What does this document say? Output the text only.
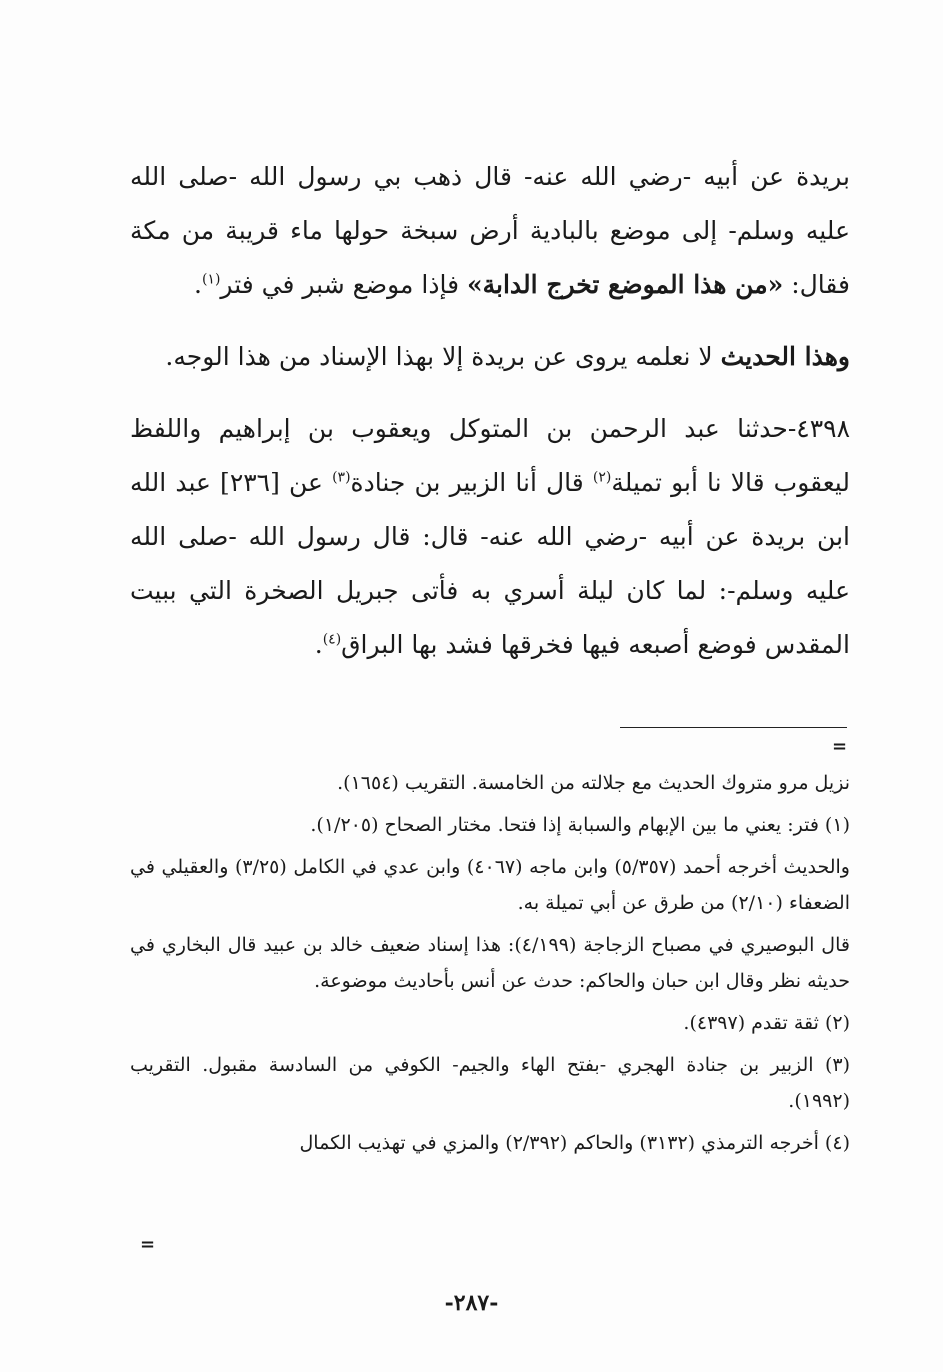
بريدة عن أبيه -رضي الله عنه- قال ذهب بي رسول الله -صلى الله عليه وسلم- إلى موضع بالبادية أرض سبخة حولها ماء قريبة من مكة فقال: «من هذا الموضع تخرج الدابة» فإذا موضع شبر في فتر$^{(١)}$.

وهذا الحديث لا نعلمه يروى عن بريدة إلا بهذا الإسناد من هذا الوجه.

٤٣٩٨-حدثنا عبد الرحمن بن المتوكل ويعقوب بن إبراهيم واللفظ ليعقوب قالا نا أبو تميلة$^{(٢)}$ قال أنا الزبير بن جنادة$^{(٣)}$ عن [٢٣٦] عبد الله ابن بريدة عن أبيه -رضي الله عنه- قال: قال رسول الله -صلى الله عليه وسلم-: لما كان ليلة أسري به فأتى جبريل الصخرة التي ببيت المقدس فوضع أصبعه فيها فخرقها فشد بها البراق$^{(٤)}$.

=

نزيل مرو متروك الحديث مع جلالته من الخامسة. التقريب (١٦٥٤).

(١) فتر: يعني ما بين الإبهام والسبابة إذا فتحا. مختار الصحاح (١/٢٠٥).

والحديث أخرجه أحمد (٥/٣٥٧) وابن ماجه (٤٠٦٧) وابن عدي في الكامل (٣/٢٥) والعقيلي في الضعفاء (٢/١٠) من طرق عن أبي تميلة به.

قال البوصيري في مصباح الزجاجة (٤/١٩٩): هذا إسناد ضعيف خالد بن عبيد قال البخاري في حديثه نظر وقال ابن حبان والحاكم: حدث عن أنس بأحاديث موضوعة.

(٢) ثقة تقدم (٤٣٩٧).

(٣) الزبير بن جنادة الهجري -بفتح الهاء والجيم- الكوفي من السادسة مقبول. التقريب (١٩٩٢).

(٤) أخرجه الترمذي (٣١٣٢) والحاكم (٢/٣٩٢) والمزي في تهذيب الكمال

=
-٢٨٧-
